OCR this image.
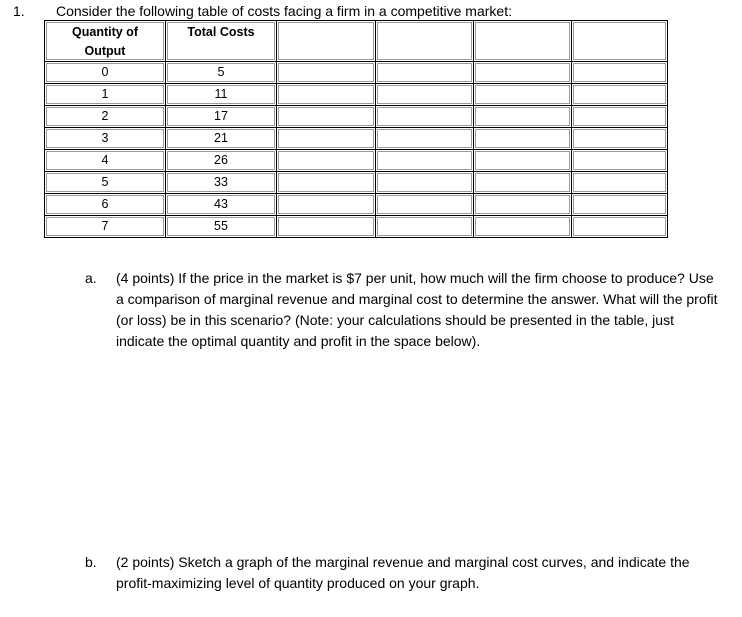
1. Consider the following table of costs facing a firm in a competitive market:
Quantity of Output	Total Costs				
0	5				
1	11				
2	17				
3	21				
4	26				
5	33				
6	43				
7	55				
a. (4 points) If the price in the market is $7 per unit, how much will the firm choose to produce? Use a comparison of marginal revenue and marginal cost to determine the answer. What will the profit (or loss) be in this scenario? (Note: your calculations should be presented in the table, just indicate the optimal quantity and profit in the space below).
b. (2 points) Sketch a graph of the marginal revenue and marginal cost curves, and indicate the profit-maximizing level of quantity produced on your graph.
